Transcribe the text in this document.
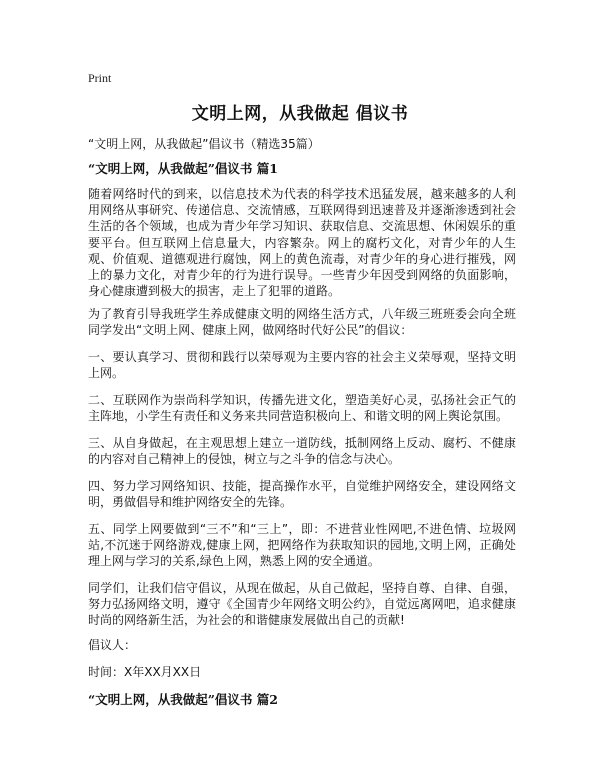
Print
文明上网，从我做起 倡议书
“文明上网，从我做起”倡议书（精选35篇）
“文明上网，从我做起”倡议书 篇1

随着网络时代的到来，以信息技术为代表的科学技术迅猛发展，越来越多的人利用网络从事研究、传递信息、交流情感，互联网得到迅速普及并逐渐渗透到社会生活的各个领域，也成为青少年学习知识、获取信息、交流思想、休闲娱乐的重要平台。但互联网上信息量大，内容繁杂。网上的腐朽文化，对青少年的人生观、价值观、道德观进行腐蚀，网上的黄色流毒，对青少年的身心进行摧残，网上的暴力文化，对青少年的行为进行误导。一些青少年因受到网络的负面影响，身心健康遭到极大的损害，走上了犯罪的道路。

为了教育引导我班学生养成健康文明的网络生活方式，八年级三班班委会向全班同学发出“文明上网、健康上网，做网络时代好公民”的倡议：

一、要认真学习、贯彻和践行以荣辱观为主要内容的社会主义荣辱观，坚持文明上网。

二、互联网作为崇尚科学知识，传播先进文化，塑造美好心灵，弘扬社会正气的主阵地，小学生有责任和义务来共同营造积极向上、和谐文明的网上舆论氛围。

三、从自身做起，在主观思想上建立一道防线，抵制网络上反动、腐朽、不健康的内容对自己精神上的侵蚀，树立与之斗争的信念与决心。

四、努力学习网络知识、技能，提高操作水平，自觉维护网络安全，建设网络文明，勇做倡导和维护网络安全的先锋。

五、同学上网要做到“三不”和“三上”，即：不进营业性网吧,不进色情、垃圾网站,不沉迷于网络游戏,健康上网，把网络作为获取知识的园地,文明上网，正确处理上网与学习的关系,绿色上网，熟悉上网的安全通道。

同学们，让我们信守倡议，从现在做起，从自己做起，坚持自尊、自律、自强，努力弘扬网络文明，遵守《全国青少年网络文明公约》，自觉远离网吧，追求健康时尚的网络新生活，为社会的和谐健康发展做出自己的贡献!

倡议人：
时间：X年XX月XX日
“文明上网，从我做起”倡议书 篇2
